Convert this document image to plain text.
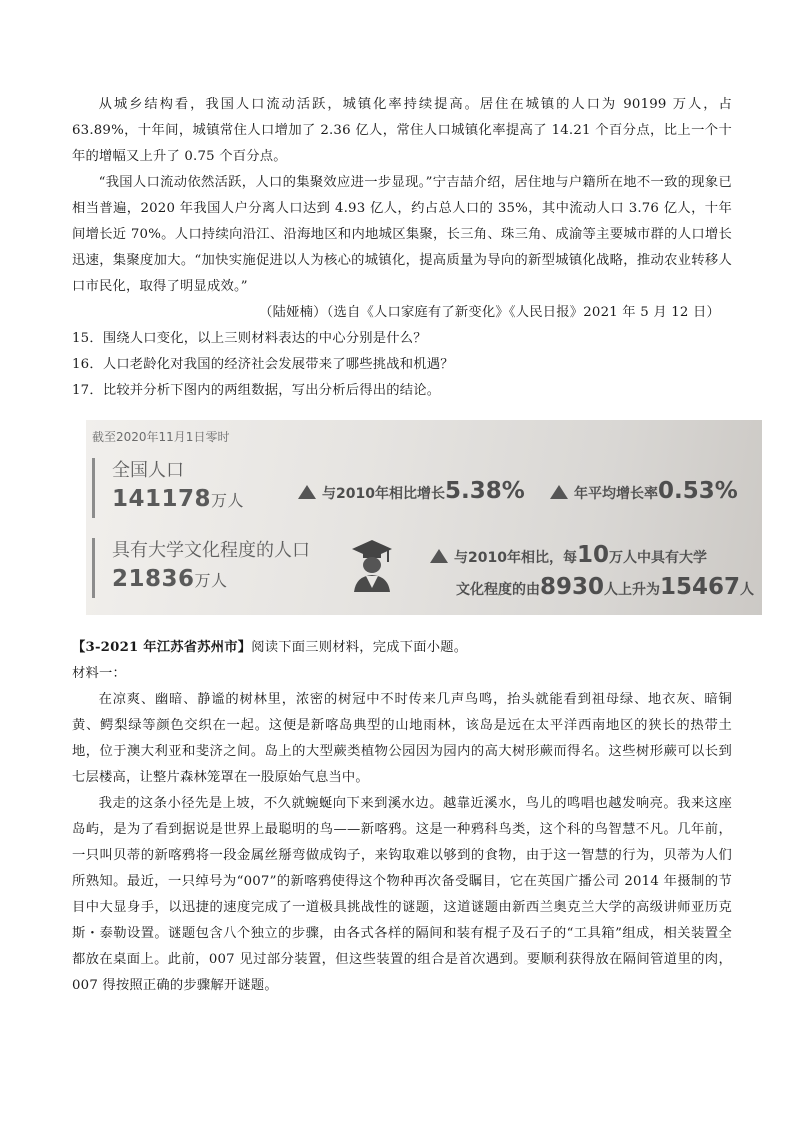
从城乡结构看，我国人口流动活跃，城镇化率持续提高。居住在城镇的人口为 90199 万人，占 63.89%，十年间，城镇常住人口增加了 2.36 亿人，常住人口城镇化率提高了 14.21 个百分点，比上一个十年的增幅又上升了 0.75 个百分点。

“我国人口流动依然活跃，人口的集聚效应进一步显现。”宁吉喆介绍，居住地与户籍所在地不一致的现象已相当普遍，2020 年我国人户分离人口达到 4.93 亿人，约占总人口的 35%，其中流动人口 3.76 亿人，十年间增长近 70%。人口持续向沿江、沿海地区和内地城区集聚，长三角、珠三角、成渝等主要城市群的人口增长迅速，集聚度加大。“加快实施促进以人为核心的城镇化，提高质量为导向的新型城镇化战略，推动农业转移人口市民化，取得了明显成效。”

（陆娅楠）（选自《人口家庭有了新变化》《人民日报》2021 年 5 月 12 日）

15．围绕人口变化，以上三则材料表达的中心分别是什么？

16．人口老龄化对我国的经济社会发展带来了哪些挑战和机遇？

17．比较并分析下图内的两组数据，写出分析后得出的结论。

截至2020年11月1日零时
全国人口
141178万人	与2010年相比增长5.38%	年平均增长率0.53%
具有大学文化程度的人口
21836万人
与2010年相比，每10万人中具有大学
文化程度的由8930人上升为15467人

【3-2021 年江苏省苏州市】阅读下面三则材料，完成下面小题。

材料一：

在凉爽、幽暗、静谧的树林里，浓密的树冠中不时传来几声鸟鸣，抬头就能看到祖母绿、地衣灰、暗铜黄、鳄梨绿等颜色交织在一起。这便是新喀岛典型的山地雨林，该岛是远在太平洋西南地区的狭长的热带土地，位于澳大利亚和斐济之间。岛上的大型蕨类植物公园因为园内的高大树形蕨而得名。这些树形蕨可以长到七层楼高，让整片森林笼罩在一股原始气息当中。

我走的这条小径先是上坡，不久就蜿蜒向下来到溪水边。越靠近溪水，鸟儿的鸣唱也越发响亮。我来这座岛屿，是为了看到据说是世界上最聪明的鸟——新喀鸦。这是一种鸦科鸟类，这个科的鸟智慧不凡。几年前，一只叫贝蒂的新喀鸦将一段金属丝掰弯做成钩子，来钩取难以够到的食物，由于这一智慧的行为，贝蒂为人们所熟知。最近，一只绰号为“007”的新喀鸦使得这个物种再次备受瞩目，它在英国广播公司 2014 年摄制的节目中大显身手，以迅捷的速度完成了一道极具挑战性的谜题，这道谜题由新西兰奥克兰大学的高级讲师亚历克斯・泰勒设置。谜题包含八个独立的步骤，由各式各样的隔间和装有棍子及石子的“工具箱”组成，相关装置全都放在桌面上。此前，007 见过部分装置，但这些装置的组合是首次遇到。要顺利获得放在隔间管道里的肉，007 得按照正确的步骤解开谜题。
